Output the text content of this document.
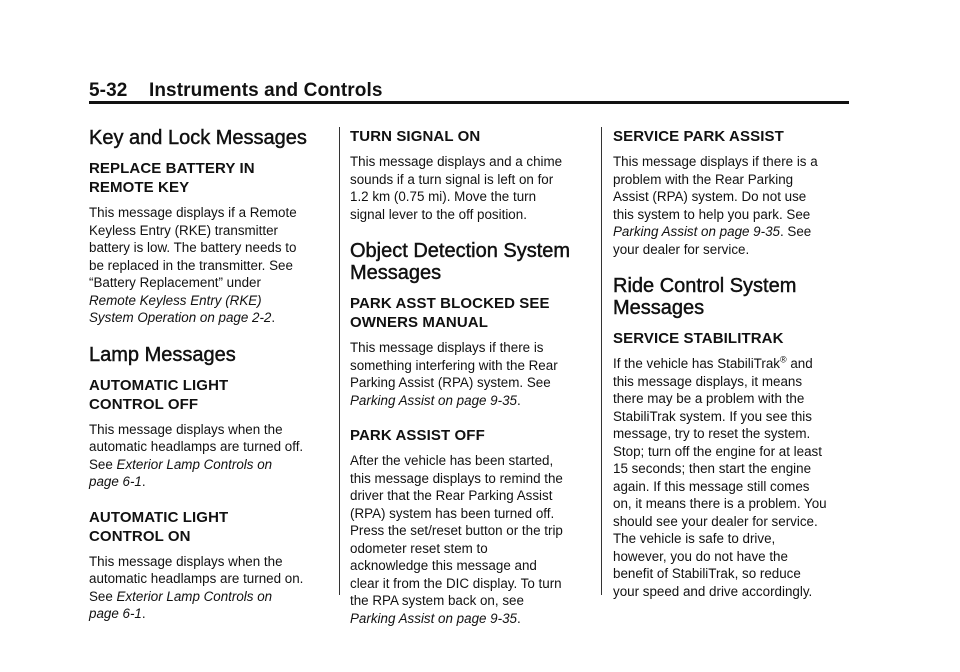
5-32 Instruments and Controls
Key and Lock Messages
REPLACE BATTERY IN
REMOTE KEY
This message displays if a Remote
Keyless Entry (RKE) transmitter
battery is low. The battery needs to
be replaced in the transmitter. See
“Battery Replacement” under
Remote Keyless Entry (RKE)
System Operation on page 2-2.
Lamp Messages
AUTOMATIC LIGHT
CONTROL OFF
This message displays when the
automatic headlamps are turned off.
See Exterior Lamp Controls on
page 6-1.
AUTOMATIC LIGHT
CONTROL ON
This message displays when the
automatic headlamps are turned on.
See Exterior Lamp Controls on
page 6-1.
TURN SIGNAL ON
This message displays and a chime
sounds if a turn signal is left on for
1.2 km (0.75 mi). Move the turn
signal lever to the off position.
Object Detection System
Messages
PARK ASST BLOCKED SEE
OWNERS MANUAL
This message displays if there is
something interfering with the Rear
Parking Assist (RPA) system. See
Parking Assist on page 9-35.
PARK ASSIST OFF
After the vehicle has been started,
this message displays to remind the
driver that the Rear Parking Assist
(RPA) system has been turned off.
Press the set/reset button or the trip
odometer reset stem to
acknowledge this message and
clear it from the DIC display. To turn
the RPA system back on, see
Parking Assist on page 9-35.
SERVICE PARK ASSIST
This message displays if there is a
problem with the Rear Parking
Assist (RPA) system. Do not use
this system to help you park. See
Parking Assist on page 9-35. See
your dealer for service.
Ride Control System
Messages
SERVICE STABILITRAK
If the vehicle has StabiliTrak® and
this message displays, it means
there may be a problem with the
StabiliTrak system. If you see this
message, try to reset the system.
Stop; turn off the engine for at least
15 seconds; then start the engine
again. If this message still comes
on, it means there is a problem. You
should see your dealer for service.
The vehicle is safe to drive,
however, you do not have the
benefit of StabiliTrak, so reduce
your speed and drive accordingly.
